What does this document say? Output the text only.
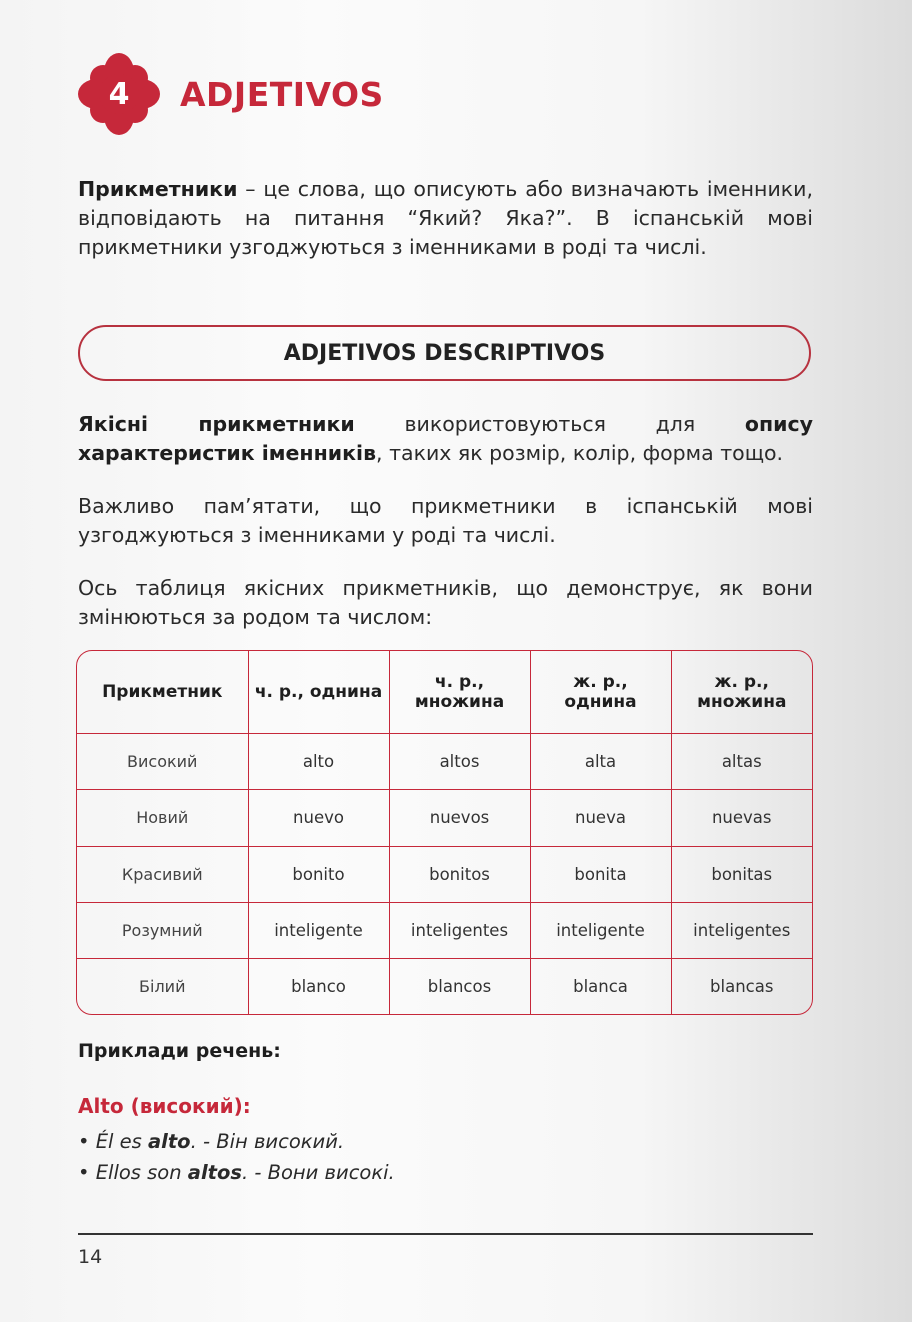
4	ADJETIVOS
Прикметники – це слова, що описують або визначають іменники, відповідають на питання “Який? Яка?”. В іспанській мові прикметники узгоджуються з іменниками в роді та числі.
ADJETIVOS DESCRIPTIVOS
Якісні прикметники використовуються для опису характеристик іменників, таких як розмір, колір, форма тощо.
Важливо пам’ятати, що прикметники в іспанській мові узгоджуються з іменниками у роді та числі.
Ось таблиця якісних прикметників, що демонструє, як вони змінюються за родом та числом:
Прикметник	ч. р., однина	ч. р., множина	ж. р., однина	ж. р., множина
Високий	alto	altos	alta	altas
Новий	nuevo	nuevos	nueva	nuevas
Красивий	bonito	bonitos	bonita	bonitas
Розумний	inteligente	inteligentes	inteligente	inteligentes
Білий	blanco	blancos	blanca	blancas
Приклади речень:
Alto (високий):
• Él es alto. - Він високий.
• Ellos son altos. - Вони високі.
14
